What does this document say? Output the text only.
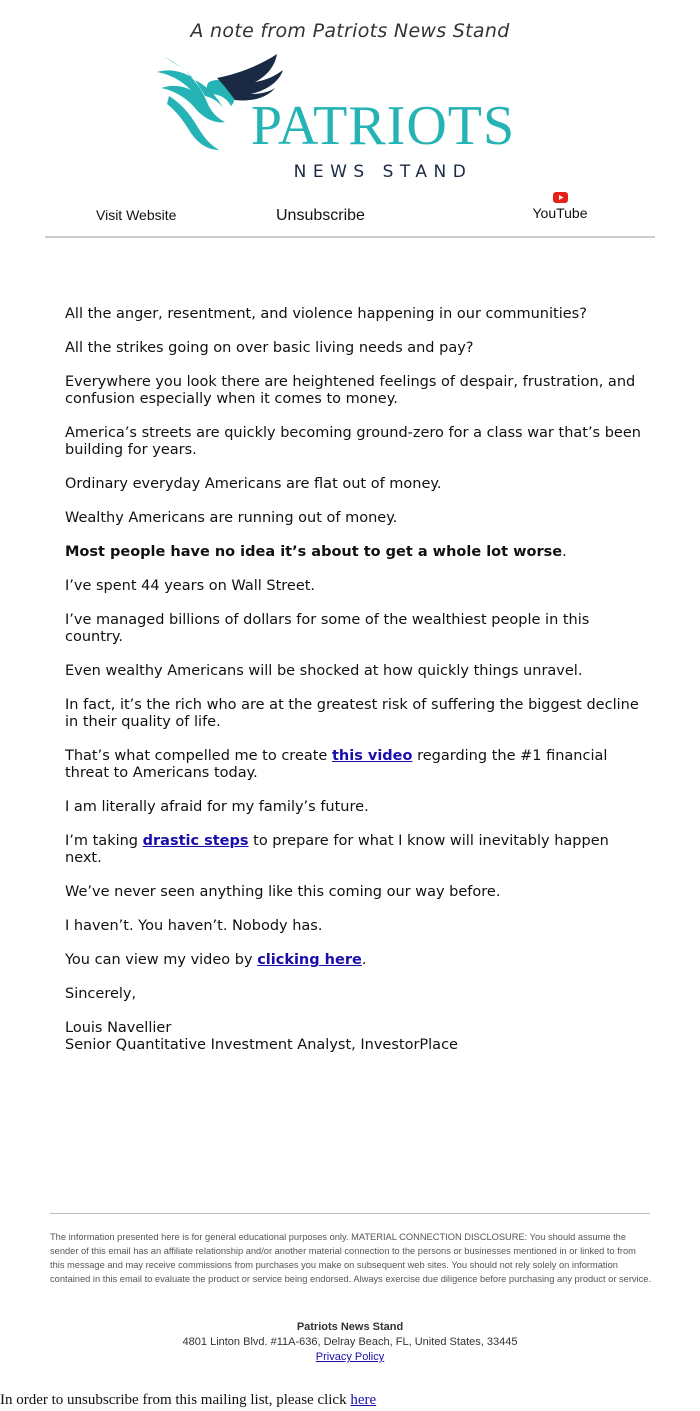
A note from Patriots News Stand
PATRIOTS
NEWS STAND
Visit Website	Unsubscribe	YouTube

All the anger, resentment, and violence happening in our communities?

All the strikes going on over basic living needs and pay?

Everywhere you look there are heightened feelings of despair, frustration, and confusion especially when it comes to money.

America’s streets are quickly becoming ground-zero for a class war that’s been building for years.

Ordinary everyday Americans are flat out of money.

Wealthy Americans are running out of money.

Most people have no idea it’s about to get a whole lot worse.

I’ve spent 44 years on Wall Street.

I’ve managed billions of dollars for some of the wealthiest people in this country.

Even wealthy Americans will be shocked at how quickly things unravel.

In fact, it’s the rich who are at the greatest risk of suffering the biggest decline in their quality of life.

That’s what compelled me to create this video regarding the #1 financial threat to Americans today.

I am literally afraid for my family’s future.

I’m taking drastic steps to prepare for what I know will inevitably happen next.

We’ve never seen anything like this coming our way before.

I haven’t. You haven’t. Nobody has.

You can view my video by clicking here.

Sincerely,

Louis Navellier
Senior Quantitative Investment Analyst, InvestorPlace

The information presented here is for general educational purposes only. MATERIAL CONNECTION DISCLOSURE: You should assume the sender of this email has an affiliate relationship and/or another material connection to the persons or businesses mentioned in or linked to from this message and may receive commissions from purchases you make on subsequent web sites. You should not rely solely on information contained in this email to evaluate the product or service being endorsed. Always exercise due diligence before purchasing any product or service.

Patriots News Stand
4801 Linton Blvd. #11A-636, Delray Beach, FL, United States, 33445
Privacy Policy
In order to unsubscribe from this mailing list, please click here
